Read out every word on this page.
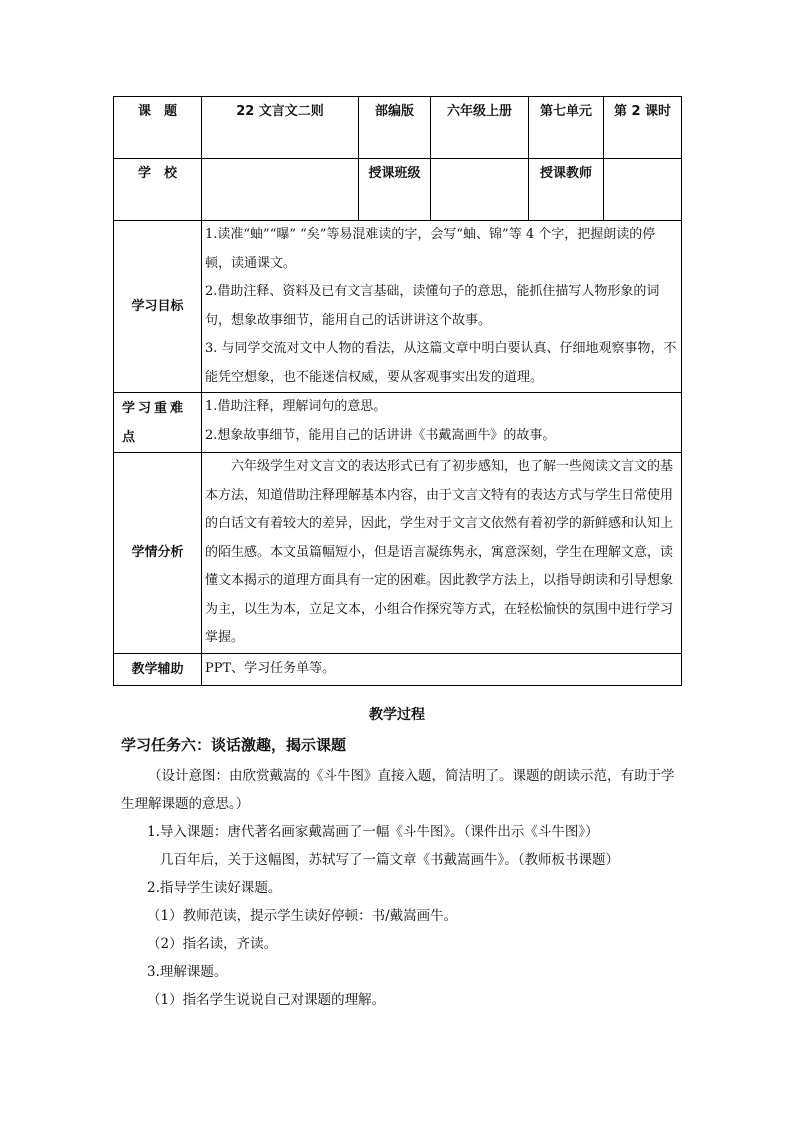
课　题	22 文言文二则	部编版	六年级上册	第七单元	第 2 课时
学　校		授课班级		授课教师	
学习目标	1.读准“蚰”“曝” “矣”等易混难读的字，会写“蚰、锦”等 4 个字，把握朗读的停顿，读通课文。

2.借助注释、资料及已有文言基础，读懂句子的意思，能抓住描写人物形象的词句，想象故事细节，能用自己的话讲讲这个故事。

3. 与同学交流对文中人物的看法，从这篇文章中明白要认真、仔细地观察事物，不能凭空想象，也不能迷信权威，要从客观事实出发的道理。				

学习重难点	1.借助注释，理解词句的意思。

2.想象故事细节，能用自己的话讲讲《书戴嵩画牛》的故事。				

学情分析	六年级学生对文言文的表达形式已有了初步感知，也了解一些阅读文言文的基本方法，知道借助注释理解基本内容，由于文言文特有的表达方式与学生日常使用的白话文有着较大的差异，因此，学生对于文言文依然有着初学的新鲜感和认知上的陌生感。本文虽篇幅短小，但是语言凝练隽永，寓意深刻，学生在理解文意，读懂文本揭示的道理方面具有一定的困难。因此教学方法上，以指导朗读和引导想象为主，以生为本，立足文本，小组合作探究等方式，在轻松愉快的氛围中进行学习掌握。				

教学辅助	PPT、学习任务单等。				
教学过程
学习任务六：谈话激趣，揭示课题
（设计意图：由欣赏戴嵩的《斗牛图》直接入题，简洁明了。课题的朗读示范，有助于学生理解课题的意思。）
1.导入课题：唐代著名画家戴嵩画了一幅《斗牛图》。（课件出示《斗牛图》）
几百年后，关于这幅图，苏轼写了一篇文章《书戴嵩画牛》。（教师板书课题）
2.指导学生读好课题。
（1）教师范读，提示学生读好停顿：书/戴嵩画牛。
（2）指名读，齐读。
3.理解课题。
（1）指名学生说说自己对课题的理解。
